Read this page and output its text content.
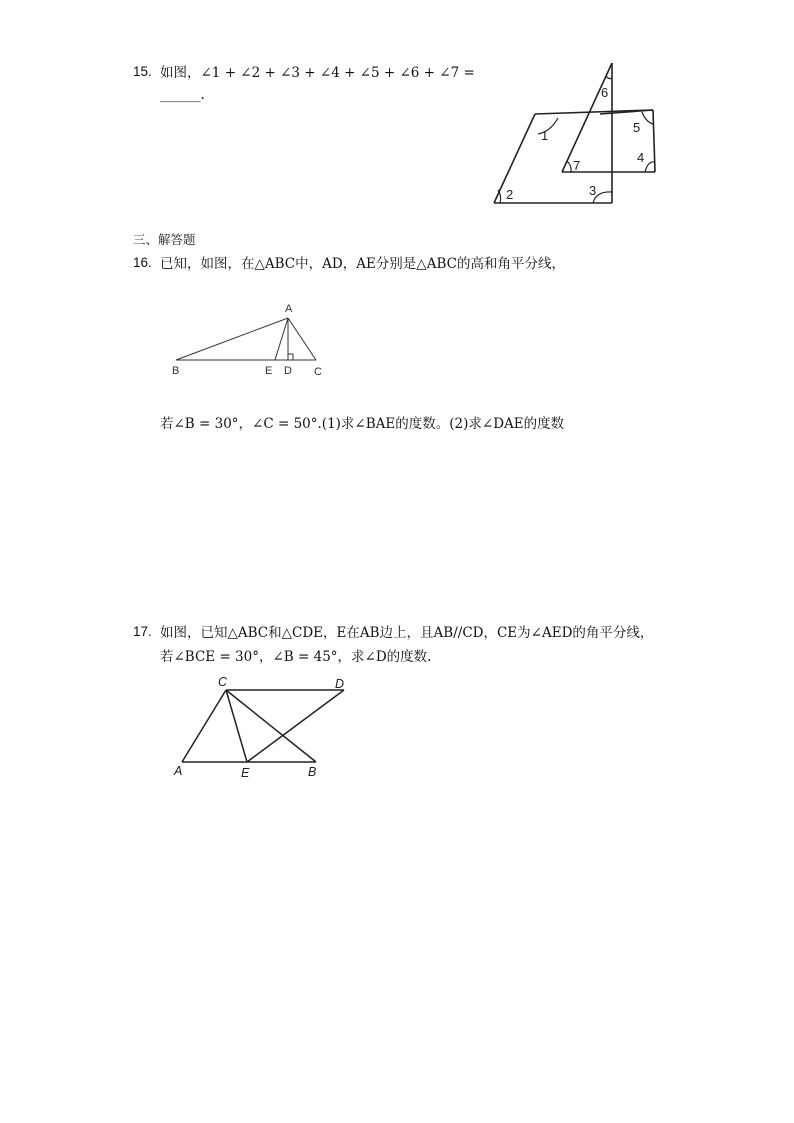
15. 如图，∠1 + ∠2 + ∠3 + ∠4 + ∠5 + ∠6 + ∠7 =
______.
1
2	3
4
5
6
7
三、解答题
16. 已知，如图，在△ABC中，AD，AE分别是△ABC的高和角平分线，
A
B	E D C
若∠B = 30°，∠C = 50°.(1)求∠BAE的度数。(2)求∠DAE的度数
17. 如图，已知△ABC和△CDE，E在AB边上，且AB//CD，CE为∠AED的角平分线，
若∠BCE = 30°，∠B = 45°，求∠D的度数.
C	D
A	E	B
